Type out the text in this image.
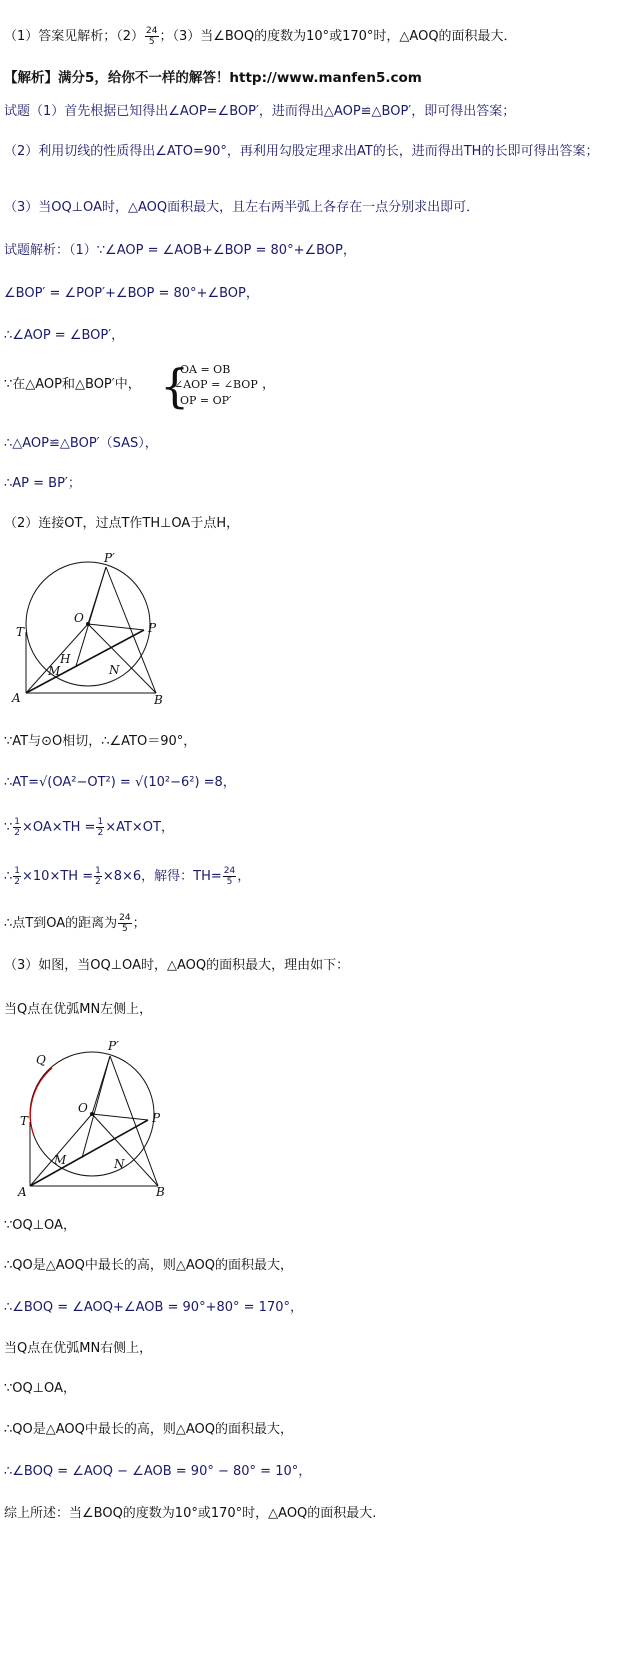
（1）答案见解析；$(2) \frac{24}{5}$ ；（3）当∠BOQ的度数为10°或170°时，△AOQ的面积最大．
【解析】满分5，给你不一样的解答！http://www.manfen5.com
试题（1）首先根据已知得出∠AOP=∠BOP′，进而得出△AOP≌△BOP′，即可得出答案；
（2）利用切线的性质得出∠ATO=90°，再利用勾股定理求出AT的长，进而得出TH的长即可得出答案；
（3）当OQ⊥OA时，△AOQ面积最大，且左右两半弧上各存在一点分别求出即可．
试题解析：（1）∵∠AOP = ∠AOB+∠BOP = 80°+∠BOP，
∠BOP′ = ∠POP′+∠BOP = 80°+∠BOP，
∴∠AOP = ∠BOP′，
∵在△AOP和△BOP′中， {
OA = OB
∠AOP = ∠BOP
OP = OP′
，
∴△AOP≌△BOP′（SAS），
∴AP = BP′；
（2）连接OT，过点T作TH⊥OA于点H，
P′
O
T	P
H
M	N
A	B
∵AT与⊙O相切，∴∠ATO＝90°，
∴AT=√(OA²−OT²) = √(10²−6²) =8，
∵ $\frac{1}{2} \times OA\times TH = \frac{1}{2} \times AT\times OT$，
∴ $\frac{1}{2} \times 10\times TH = \frac{1}{2} \times 8\times 6$，解得：$TH= \frac{24}{5}$ ，
∴点T到OA的距离为 $\frac{24}{5}$ ；
（3）如图，当OQ⊥OA时，△AOQ的面积最大，理由如下：
当Q点在优弧MN左侧上，
Q
P′
O
T	P
M	N
A	B
∵OQ⊥OA，
∴QO是△AOQ中最长的高，则△AOQ的面积最大，
∴∠BOQ = ∠AOQ+∠AOB = 90°+80° = 170°，
当Q点在优弧MN右侧上，
∵OQ⊥OA，
∴QO是△AOQ中最长的高，则△AOQ的面积最大，
∴∠BOQ = ∠AOQ − ∠AOB = 90° − 80° = 10°，
综上所述：当∠BOQ的度数为10°或170°时，△AOQ的面积最大.
